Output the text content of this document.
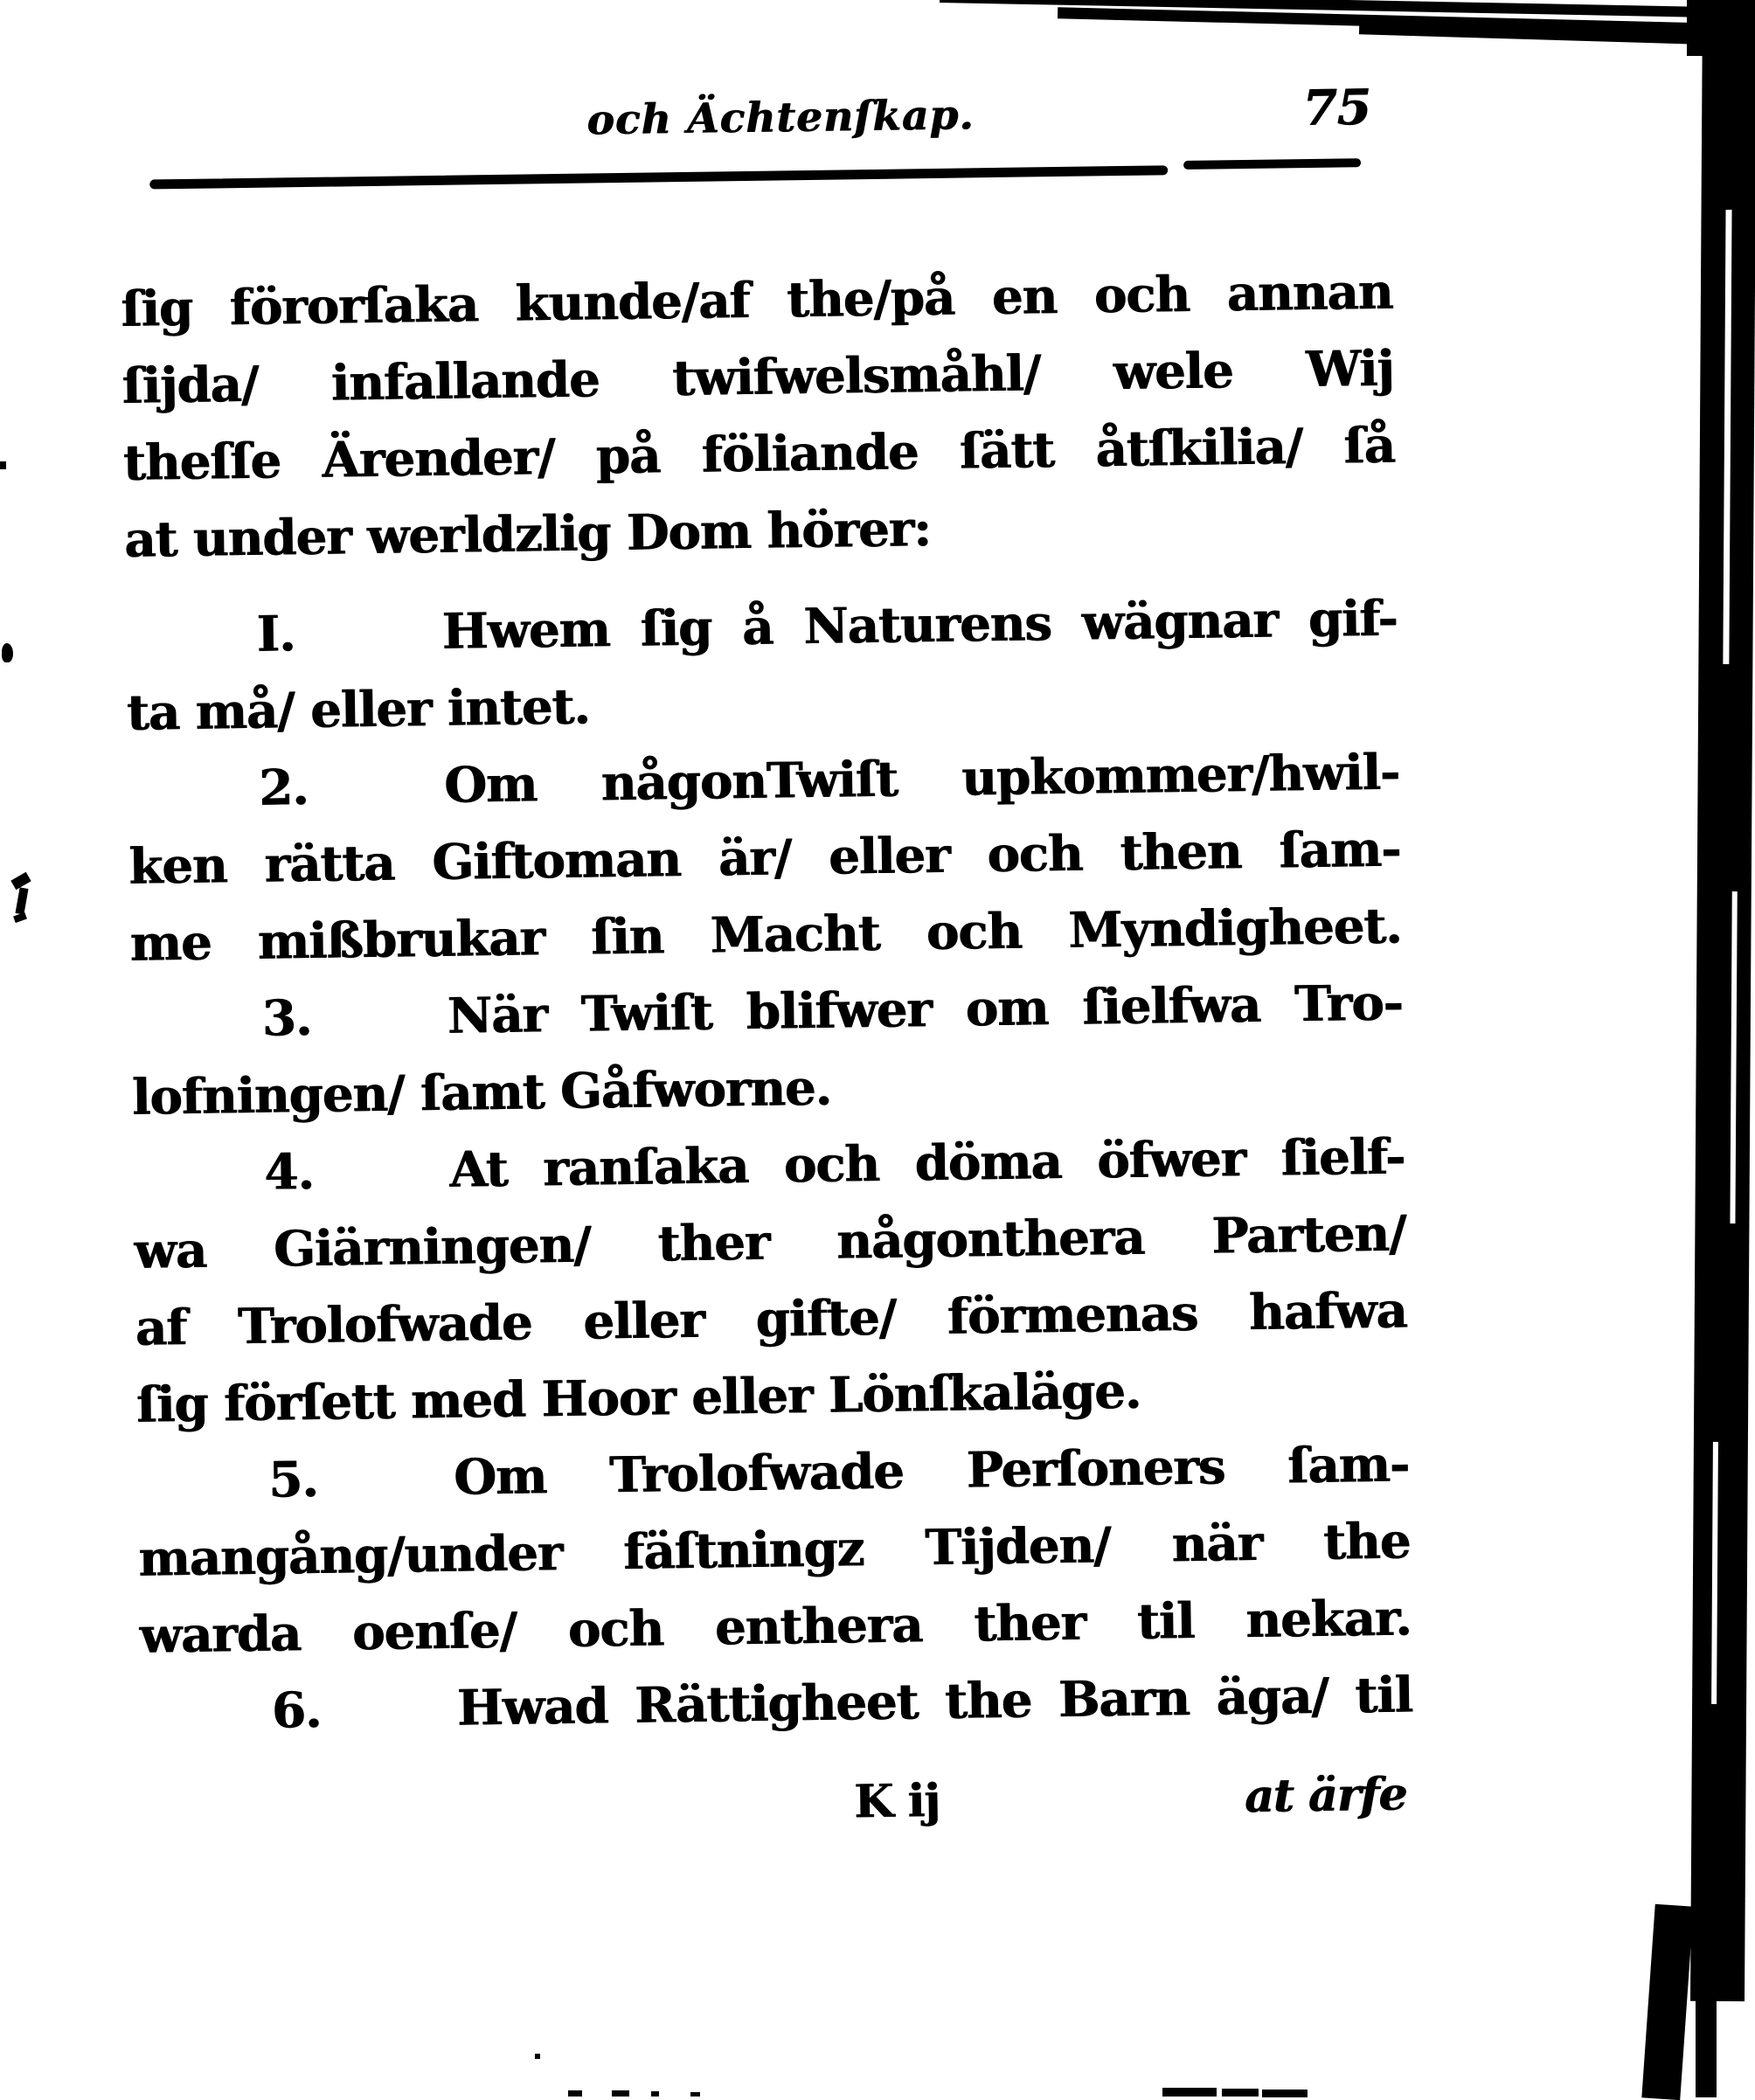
och Ächtenſkap.	75
ſig förorſaka kunde/af the/på en och annan
ſijda/ infallande twifwelsmåhl/ wele Wij
theſſe Ärender/ på föliande ſätt åtſkilia/ ſå
at under werldzlig Dom hörer:
I.	Hwem ſig å Naturens wägnar gif-
ta må/ eller intet.
2.	Om någonTwiſt upkommer/hwil-
ken rätta Giftoman är/ eller och then ſam-
me mißbrukar ſin Macht och Myndigheet.
3.	När Twiſt blifwer om ſielfwa Tro-
lofningen/ ſamt Gåfworne.
4.	At ranſaka och döma öfwer ſielf-
wa Giärningen/ ther någonthera Parten/
af Trolofwade eller gifte/ förmenas hafwa
ſig förſett med Hoor eller Lönſkaläge.
5.	Om Trolofwade Perſoners ſam-
mangång/under fäſtningz Tijden/ när the
warda oenſe/ och enthera ther til nekar.
6.	Hwad Rättigheet the Barn äga/ til
K ij	at ärfe
